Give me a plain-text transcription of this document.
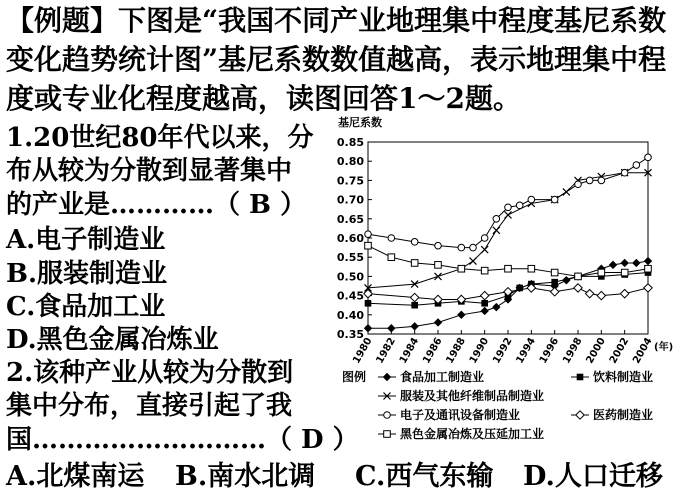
【例题】下图是“我国不同产业地理集中程度基尼系数
变化趋势统计图”基尼系数数值越高，表示地理集中程
度或专业化程度越高，读图回答1～2题。
1.20世纪80年代以来，分
布从较为分散到显著集中
的产业是…………（ B ）
A.电子制造业
B.服装制造业
C.食品加工业
D.黑色金属冶炼业
2.该种产业从较为分散到
集中分布，直接引起了我
国………………………（ D ）
A.北煤南运 B.南水北调 C.西气东输 D.人口迁移
基尼系数
0.85
0.80
0.75
0.70
0.65
0.60
0.55
0.50
0.45
0.40
0.35
1980 1982 1984 1986 1988 1990 1992 1994 1996 1998 2000 2002 2004 (年)
图例	食品加工制造业	饮料制造业
服装及其他纤维制品制造业
电子及通讯设备制造业	医药制造业
黑色金属冶炼及压延加工业
